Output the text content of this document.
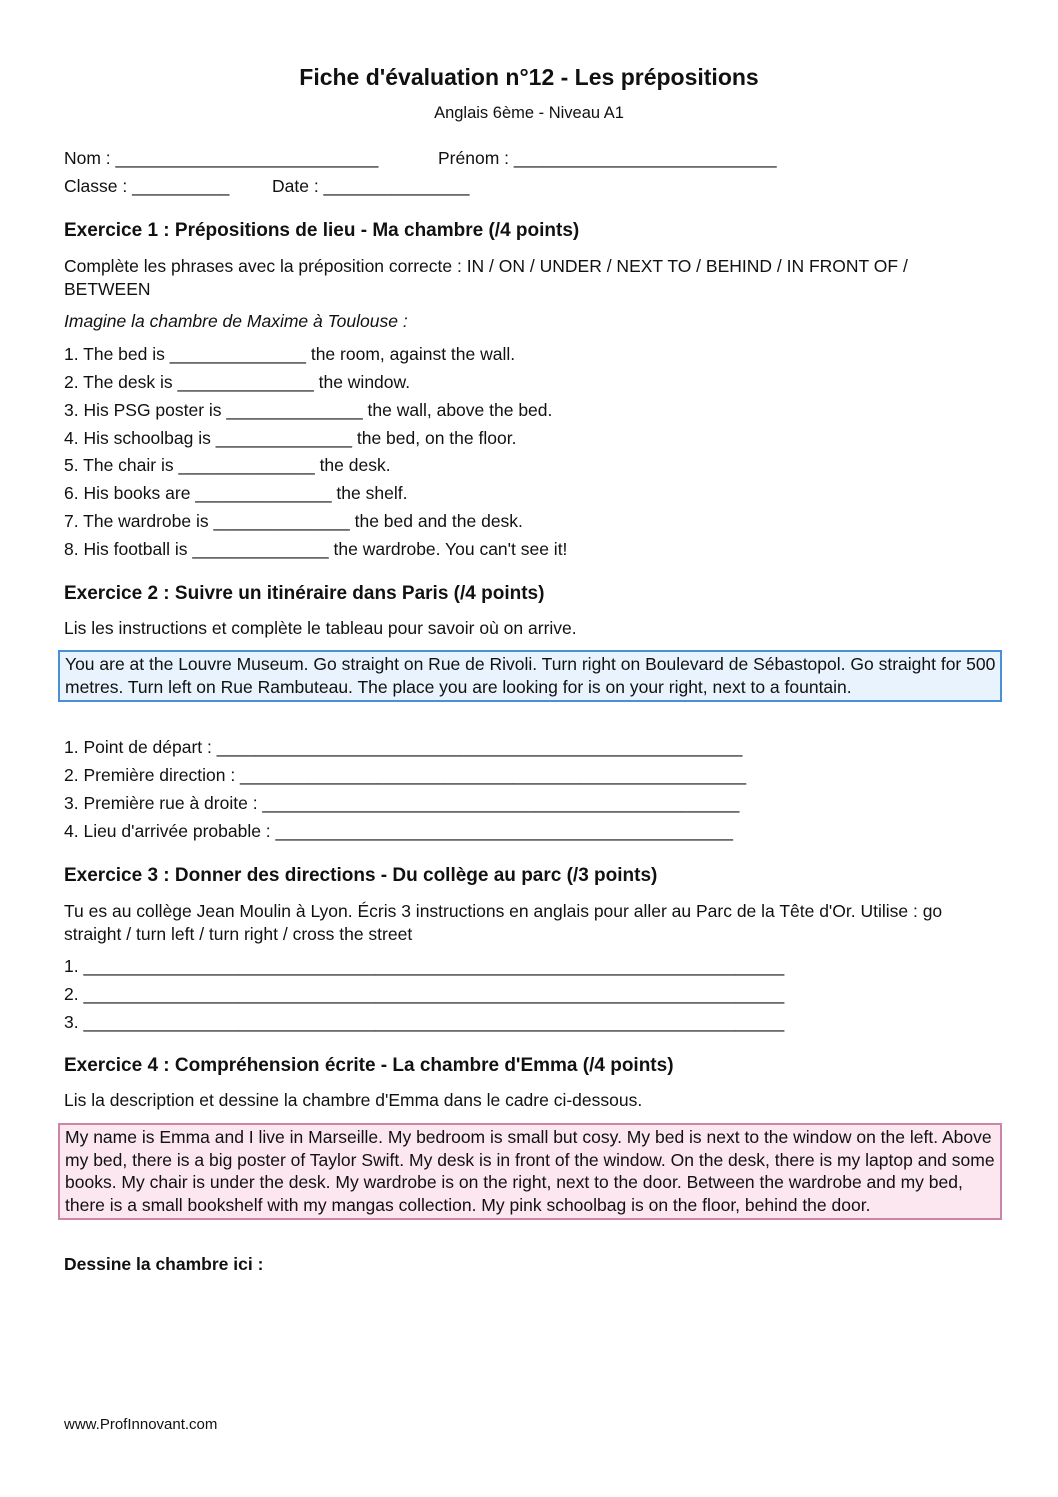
Fiche d'évaluation n°12 - Les prépositions
Anglais 6ème - Niveau A1
Nom : ___________________________	Prénom : ___________________________
Classe : __________ Date : _______________
Exercice 1 : Prépositions de lieu - Ma chambre (/4 points)
Complète les phrases avec la préposition correcte : IN / ON / UNDER / NEXT TO / BEHIND / IN FRONT OF / BETWEEN
Imagine la chambre de Maxime à Toulouse :
1. The bed is ______________ the room, against the wall.
2. The desk is ______________ the window.
3. His PSG poster is ______________ the wall, above the bed.
4. His schoolbag is ______________ the bed, on the floor.
5. The chair is ______________ the desk.
6. His books are ______________ the shelf.
7. The wardrobe is ______________ the bed and the desk.
8. His football is ______________ the wardrobe. You can't see it!
Exercice 2 : Suivre un itinéraire dans Paris (/4 points)
Lis les instructions et complète le tableau pour savoir où on arrive.
You are at the Louvre Museum. Go straight on Rue de Rivoli. Turn right on Boulevard de Sébastopol. Go straight for 500 metres. Turn left on Rue Rambuteau. The place you are looking for is on your right, next to a fountain.
1. Point de départ : ______________________________________________________
2. Première direction : ____________________________________________________
3. Première rue à droite : _________________________________________________
4. Lieu d'arrivée probable : _______________________________________________
Exercice 3 : Donner des directions - Du collège au parc (/3 points)
Tu es au collège Jean Moulin à Lyon. Écris 3 instructions en anglais pour aller au Parc de la Tête d'Or. Utilise : go straight / turn left / turn right / cross the street
1. ________________________________________________________________________
2. ________________________________________________________________________
3. ________________________________________________________________________
Exercice 4 : Compréhension écrite - La chambre d'Emma (/4 points)
Lis la description et dessine la chambre d'Emma dans le cadre ci-dessous.
My name is Emma and I live in Marseille. My bedroom is small but cosy. My bed is next to the window on the left. Above my bed, there is a big poster of Taylor Swift. My desk is in front of the window. On the desk, there is my laptop and some books. My chair is under the desk. My wardrobe is on the right, next to the door. Between the wardrobe and my bed, there is a small bookshelf with my mangas collection. My pink schoolbag is on the floor, behind the door.
Dessine la chambre ici :
www.ProfInnovant.com
